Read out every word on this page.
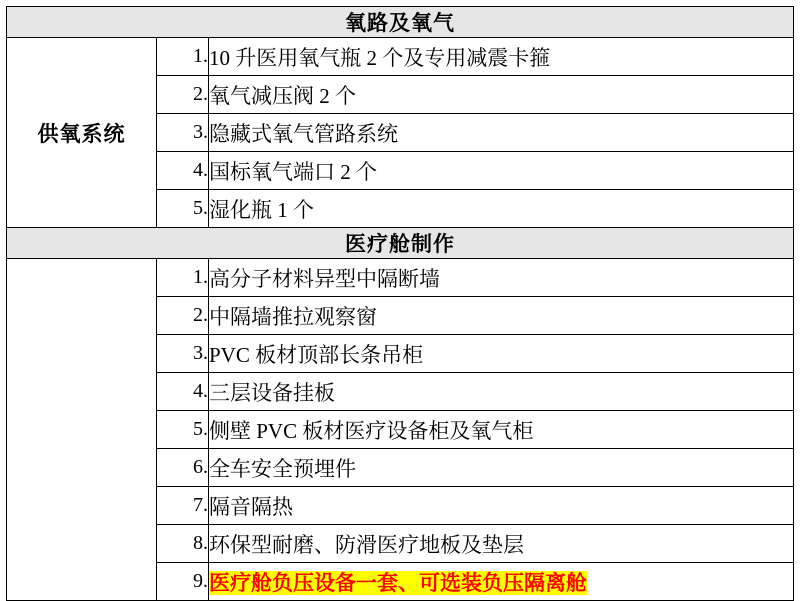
氧路及氧气		
供氧系统	1.	10 升医用氧气瓶 2 个及专用减震卡箍
	2.	氧气减压阀 2 个
	3.	隐藏式氧气管路系统
	4.	国标氧气端口 2 个
	5.	湿化瓶 1 个
医疗舱制作		

	1.	高分子材料异型中隔断墙
	2.	中隔墙推拉观察窗
	3.	PVC 板材顶部长条吊柜
	4.	三层设备挂板
	5.	侧壁 PVC 板材医疗设备柜及氧气柜
	6.	全车安全预埋件
	7.	隔音隔热
	8.	环保型耐磨、防滑医疗地板及垫层
	9.	医疗舱负压设备一套、可选装负压隔离舱
